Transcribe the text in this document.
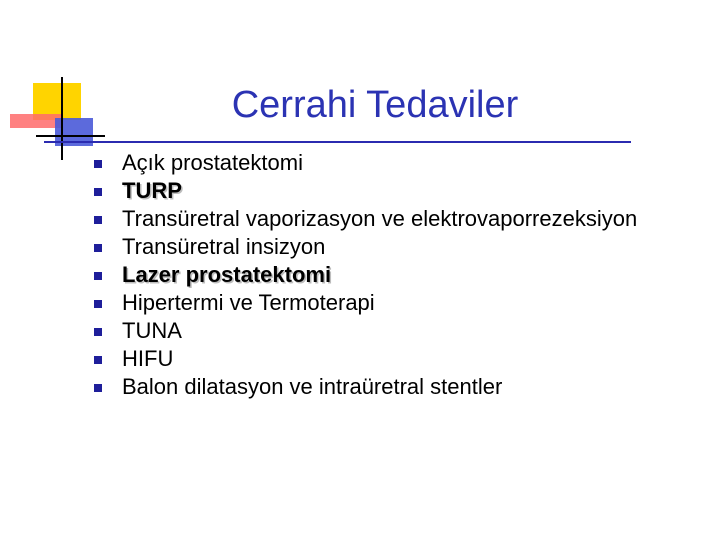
Cerrahi Tedaviler
Açık prostatektomi
TURP
Transüretral vaporizasyon ve elektrovaporrezeksiyon
Transüretral insizyon
Lazer prostatektomi
Hipertermi ve Termoterapi
TUNA
HIFU
Balon dilatasyon ve intraüretral stentler
